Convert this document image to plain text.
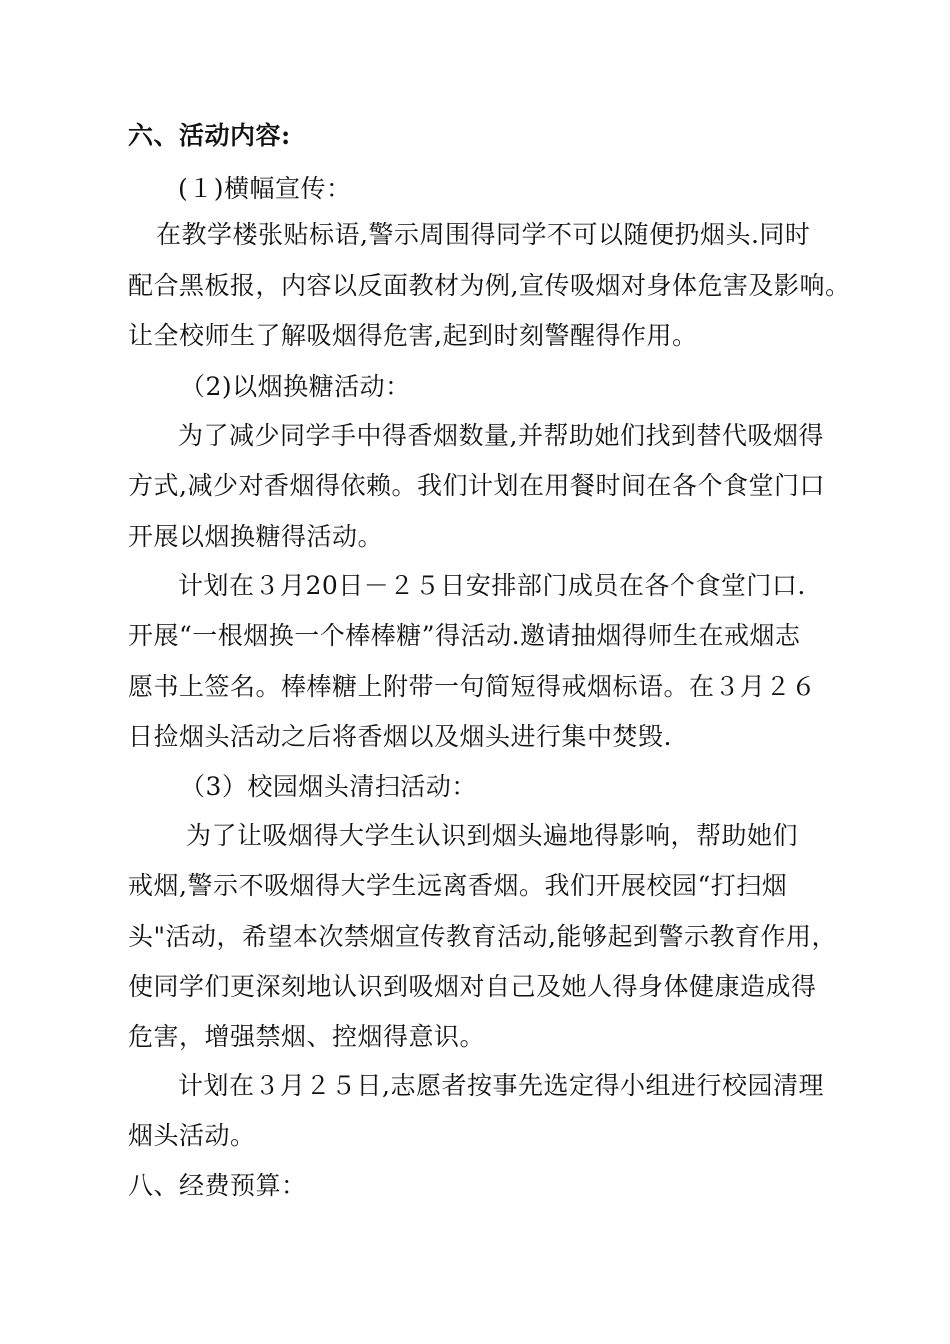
六、活动内容:
(１)横幅宣传：
在教学楼张贴标语,警示周围得同学不可以随便扔烟头.同时
配合黑板报，内容以反面教材为例,宣传吸烟对身体危害及影响。
让全校师生了解吸烟得危害,起到时刻警醒得作用。
（2)以烟换糖活动：
为了减少同学手中得香烟数量,并帮助她们找到替代吸烟得
方式,减少对香烟得依赖。我们计划在用餐时间在各个食堂门口
开展以烟换糖得活动。
计划在３月20日－２５日安排部门成员在各个食堂门口.
开展“一根烟换一个棒棒糖”得活动.邀请抽烟得师生在戒烟志
愿书上签名。棒棒糖上附带一句简短得戒烟标语。在３月２６
日捡烟头活动之后将香烟以及烟头进行集中焚毁.
（3）校园烟头清扫活动：
为了让吸烟得大学生认识到烟头遍地得影响，帮助她们
戒烟,警示不吸烟得大学生远离香烟。我们开展校园“打扫烟
头"活动，希望本次禁烟宣传教育活动,能够起到警示教育作用，
使同学们更深刻地认识到吸烟对自己及她人得身体健康造成得
危害，增强禁烟、控烟得意识。
计划在３月２５日,志愿者按事先选定得小组进行校园清理
烟头活动。
八、经费预算：
